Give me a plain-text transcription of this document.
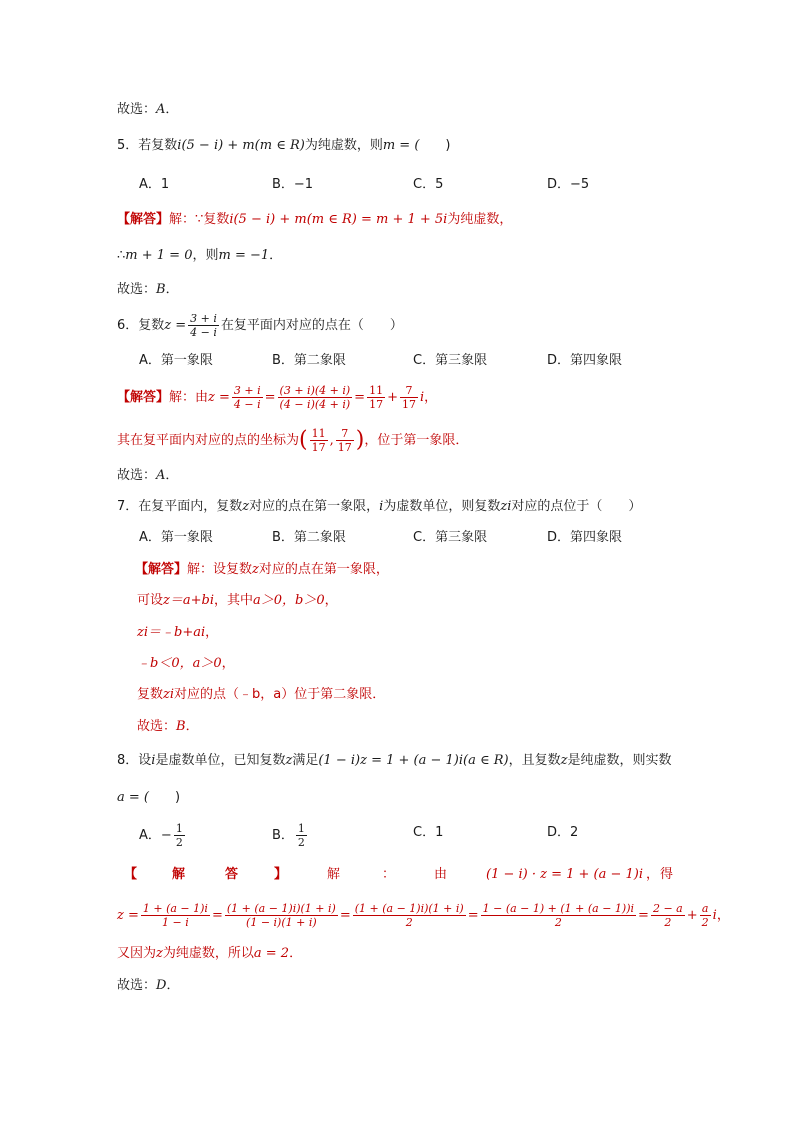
故选：A．
5．若复数i(5 − i) + m(m ∈ R)为纯虚数，则m = (　　)
A．1	B．−1	C．5	D．−5
【解答】解：∵复数i(5 − i) + m(m ∈ R) = m + 1 + 5i为纯虚数，
∴m + 1 = 0，则m = −1．
故选：B．
6．复数$z = \frac{3 + i}{4 - i}$ 在复平面内对应的点在（　　）
A．第一象限	B．第二象限	C．第三象限	D．第四象限
【解答】解：由$z = \frac{3 + i}{4 - i} = \frac{(3 + i)(4 + i)}{(4 - i)(4 + i)} = \frac{11}{17} + \frac{7}{17}$ i，
其在复平面内对应的点的坐标为( $\frac{11}{17}$ , $\frac{7}{17}$ )，位于第一象限．
故选：A．
7．在复平面内，复数z对应的点在第一象限，i为虚数单位，则复数zi对应的点位于（　　）
A．第一象限	B．第二象限	C．第三象限	D．第四象限
【解答】解：设复数z对应的点在第一象限，
可设z＝a+bi，其中a＞0，b＞0，
zi＝﹣b+ai，
﹣b＜0，a＞0，
复数zi对应的点（﹣b，a）位于第二象限．
故选：B．
8．设i是虚数单位，已知复数z满足(1 − i)z = 1 + (a − 1)i(a ∈ R)，且复数z是纯虚数，则实数
a = (　　)
A．− $\frac{1}{2}$	B． $\frac{1}{2}$	C．1	D．2
【	解	答	】	解	：	由	(1 − i) · z = 1 + (a − 1)i ， 得
$z = \frac{1 + (a - 1)i}{1 - i} = \frac{(1 + (a - 1)i)(1 + i)}{(1 - i)(1 + i)} = \frac{(1 + (a - 1)i)(1 + i)}{2} = \frac{1 - (a - 1) + (1 + (a - 1))i}{2} = \frac{2 - a}{2} + \frac{a}{2}$ i，
又因为z为纯虚数，所以a = 2．
故选：D．
